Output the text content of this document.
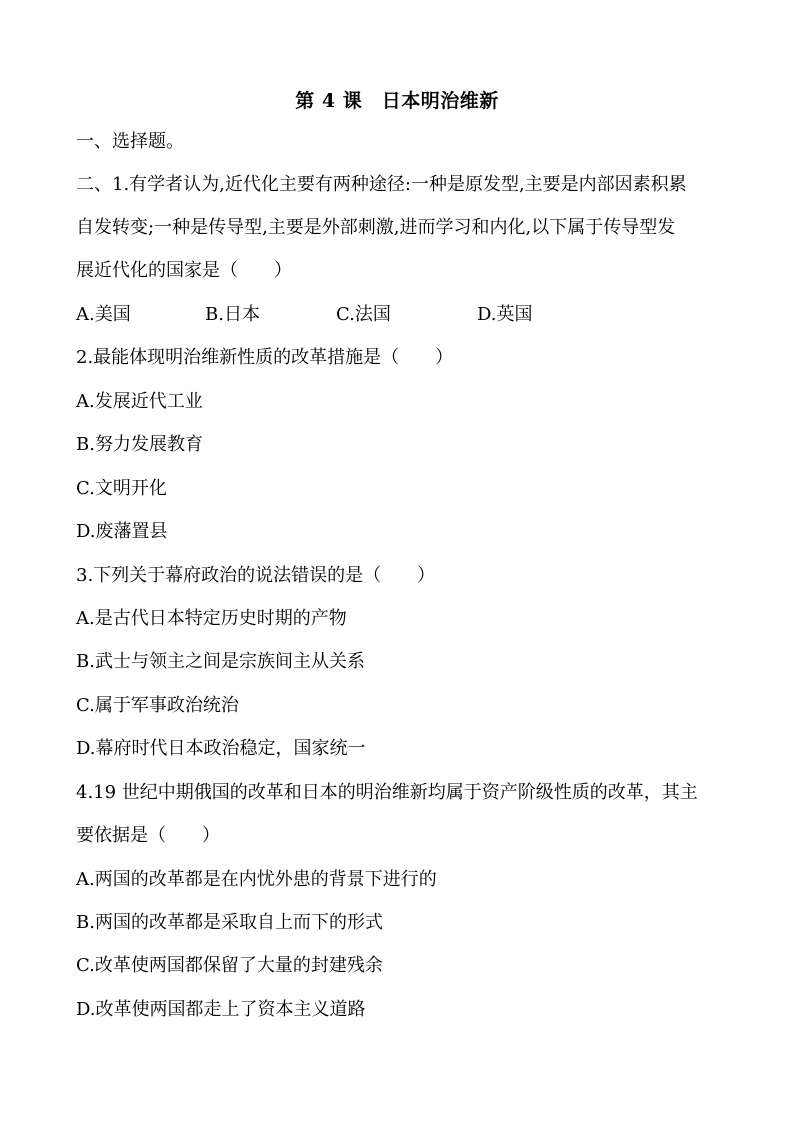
第 4 课　日本明治维新
一、选择题。
二、1.有学者认为,近代化主要有两种途径:一种是原发型,主要是内部因素积累
自发转变;一种是传导型,主要是外部刺激,进而学习和内化,以下属于传导型发
展近代化的国家是（　　）
A.美国	B.日本	C.法国	D.英国
2.最能体现明治维新性质的改革措施是（　　）
A.发展近代工业
B.努力发展教育
C.文明开化
D.废藩置县
3.下列关于幕府政治的说法错误的是（　　）
A.是古代日本特定历史时期的产物
B.武士与领主之间是宗族间主从关系
C.属于军事政治统治
D.幕府时代日本政治稳定，国家统一
4.19 世纪中期俄国的改革和日本的明治维新均属于资产阶级性质的改革，其主
要依据是（　　）
A.两国的改革都是在内忧外患的背景下进行的
B.两国的改革都是采取自上而下的形式
C.改革使两国都保留了大量的封建残余
D.改革使两国都走上了资本主义道路
